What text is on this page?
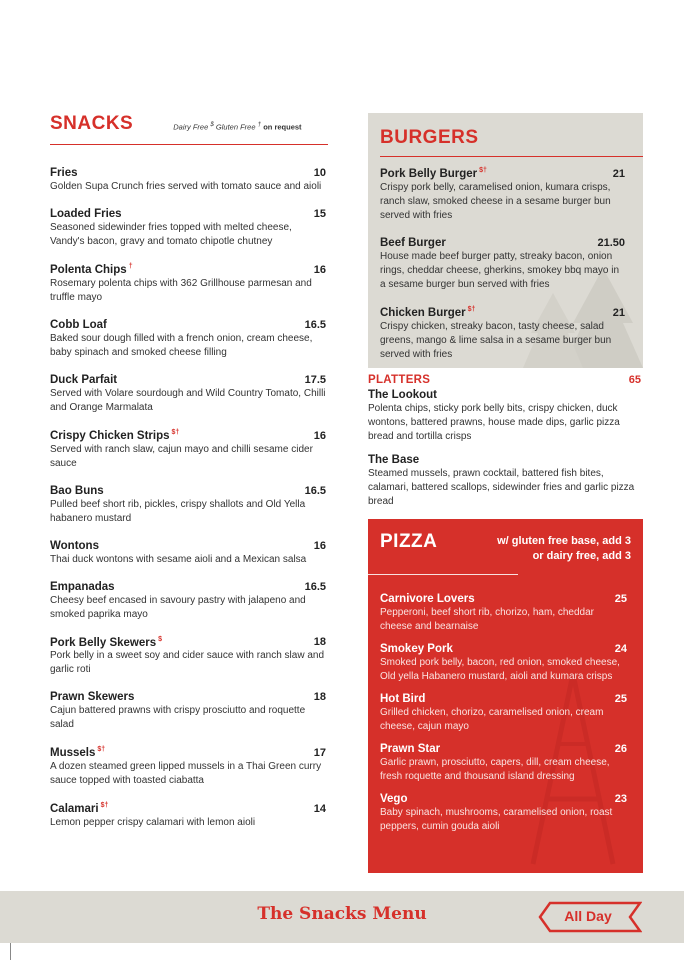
SNACKS	Dairy Free $ Gluten Free † on request
Fries	10
Golden Supa Crunch fries served with tomato sauce and aioli
Loaded Fries	15
Seasoned sidewinder fries topped with melted cheese, Vandy's bacon, gravy and tomato chipotle chutney
Polenta Chips †	16
Rosemary polenta chips with 362 Grillhouse parmesan and truffle mayo
Cobb Loaf	16.5
Baked sour dough filled with a french onion, cream cheese, baby spinach and smoked cheese filling
Duck Parfait	17.5
Served with Volare sourdough and Wild Country Tomato, Chilli and Orange Marmalata
Crispy Chicken Strips $†	16
Served with ranch slaw, cajun mayo and chilli sesame cider sauce
Bao Buns	16.5
Pulled beef short rib, pickles, crispy shallots and Old Yella habanero mustard
Wontons	16
Thai duck wontons with sesame aioli and a Mexican salsa
Empanadas	16.5
Cheesy beef encased in savoury pastry with jalapeno and smoked paprika mayo
Pork Belly Skewers $	18
Pork belly in a sweet soy and cider sauce with ranch slaw and garlic roti
Prawn Skewers	18
Cajun battered prawns with crispy prosciutto and roquette salad
Mussels $†	17
A dozen steamed green lipped mussels in a Thai Green curry sauce topped with toasted ciabatta
Calamari $†	14
Lemon pepper crispy calamari with lemon aioli
BURGERS
Pork Belly Burger $†	21
Crispy pork belly, caramelised onion, kumara crisps, ranch slaw, smoked cheese in a sesame burger bun served with fries
Beef Burger	21.50
House made beef burger patty, streaky bacon, onion rings, cheddar cheese, gherkins, smokey bbq mayo in a sesame burger bun served with fries
Chicken Burger $†	21
Crispy chicken, streaky bacon, tasty cheese, salad greens, mango & lime salsa in a sesame burger bun served with fries
PLATTERS	65
The Lookout
Polenta chips, sticky pork belly bits, crispy chicken, duck wontons, battered prawns, house made dips, garlic pizza bread and tortilla crisps
The Base
Steamed mussels, prawn cocktail, battered fish bites, calamari, battered scallops, sidewinder fries and garlic pizza bread
PIZZA	w/ gluten free base, add 3
or dairy free, add 3
Carnivore Lovers	25
Pepperoni, beef short rib, chorizo, ham, cheddar cheese and bearnaise
Smokey Pork	24
Smoked pork belly, bacon, red onion, smoked cheese, Old yella Habanero mustard, aioli and kumara crisps
Hot Bird	25
Grilled chicken, chorizo, caramelised onion, cream cheese, cajun mayo
Prawn Star	26
Garlic prawn, prosciutto, capers, dill, cream cheese, fresh roquette and thousand island dressing
Vego	23
Baby spinach, mushrooms, caramelised onion, roast peppers, cumin gouda aioli
The Snacks Menu	All Day
